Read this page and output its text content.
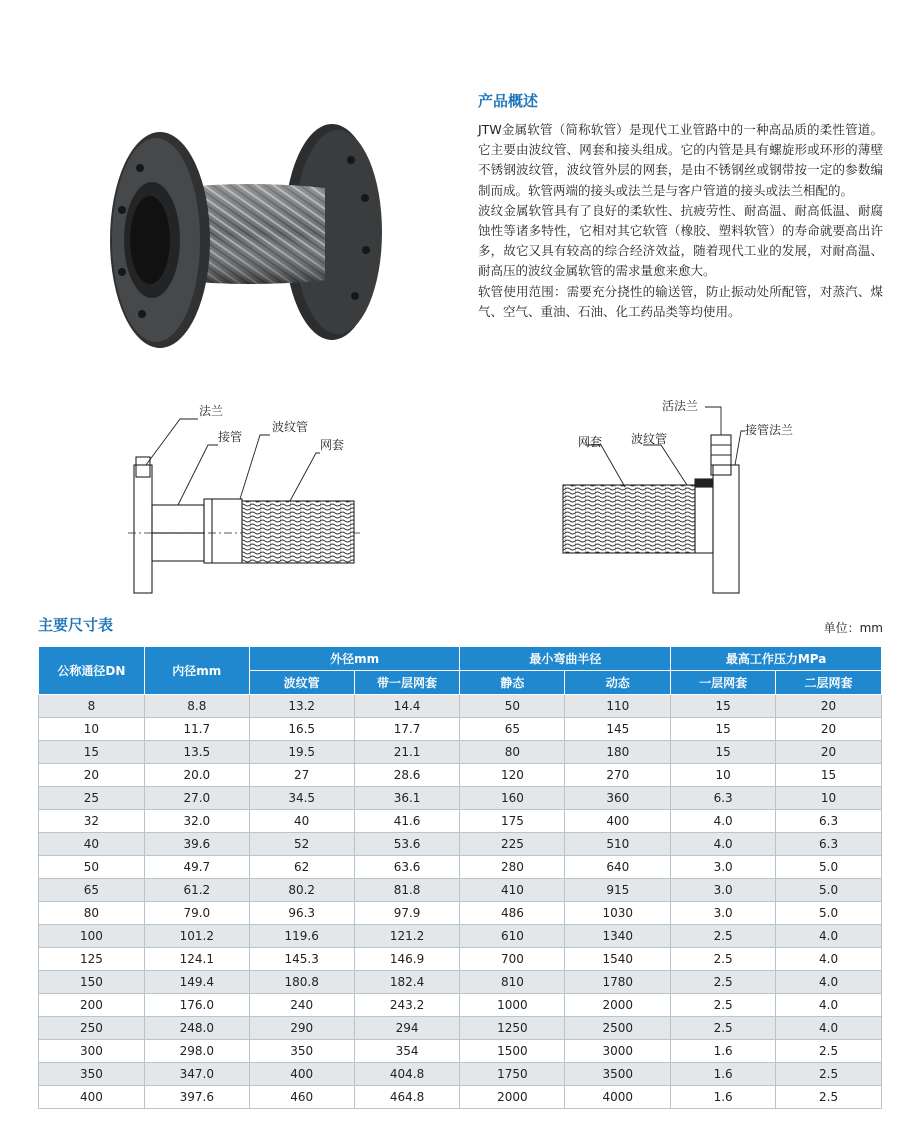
产品概述

JTW金属软管（简称软管）是现代工业管路中的一种高品质的柔性管道。它主要由波纹管、网套和接头组成。它的内管是具有螺旋形或环形的薄壁不锈钢波纹管，波纹管外层的网套，是由不锈钢丝或钢带按一定的参数编制而成。软管两端的接头或法兰是与客户管道的接头或法兰相配的。

波纹金属软管具有了良好的柔软性、抗疲劳性、耐高温、耐高低温、耐腐蚀性等诸多特性，它相对其它软管（橡胶、塑料软管）的寿命就要高出许多，故它又具有较高的综合经济效益，随着现代工业的发展，对耐高温、耐高压的波纹金属软管的需求量愈来愈大。

软管使用范围：需要充分挠性的输送管，防止振动处所配管，对蒸汽、煤气、空气、重油、石油、化工药品类等均使用。

法兰
接管
波纹管
网套
活法兰
接管法兰
网套 波纹管
主要尺寸表	单位：mm
公称通径DN	内径mm	外径mm		最小弯曲半径		最高工作压力MPa	
		波纹管	带一层网套	静态	动态	一层网套	二层网套
8	8.8	13.2	14.4	50	110	15	20
10	11.7	16.5	17.7	65	145	15	20
15	13.5	19.5	21.1	80	180	15	20
20	20.0	27	28.6	120	270	10	15
25	27.0	34.5	36.1	160	360	6.3	10
32	32.0	40	41.6	175	400	4.0	6.3
40	39.6	52	53.6	225	510	4.0	6.3
50	49.7	62	63.6	280	640	3.0	5.0
65	61.2	80.2	81.8	410	915	3.0	5.0
80	79.0	96.3	97.9	486	1030	3.0	5.0
100	101.2	119.6	121.2	610	1340	2.5	4.0
125	124.1	145.3	146.9	700	1540	2.5	4.0
150	149.4	180.8	182.4	810	1780	2.5	4.0
200	176.0	240	243.2	1000	2000	2.5	4.0
250	248.0	290	294	1250	2500	2.5	4.0
300	298.0	350	354	1500	3000	1.6	2.5
350	347.0	400	404.8	1750	3500	1.6	2.5
400	397.6	460	464.8	2000	4000	1.6	2.5
